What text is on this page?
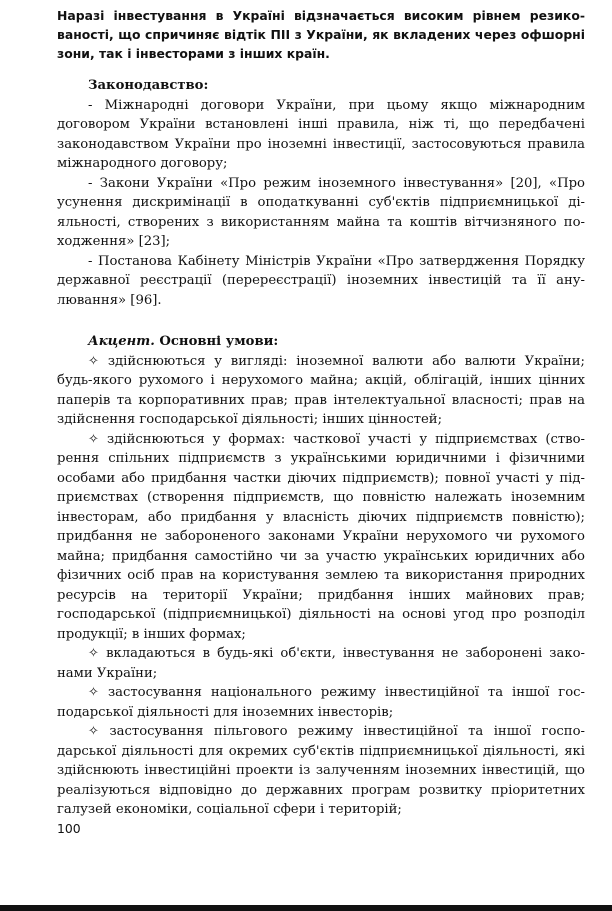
Наразі інвестування в Україні відзначається високим рівнем резикованості, що спричиняє відтік ПІІ з України, як вкладених через офшорні зони, так і інвесторами з інших країн.

Законодавство:

- Міжнародні договори України, при цьому якщо міжнародним договором України встановлені інші правила, ніж ті, що передбачені законодавством України про іноземні інвестиції, застосовуються правила міжнародного договору;

- Закони України «Про режим іноземного інвестування» [20], «Про усунення дискримінації в оподаткуванні суб'єктів підприємницької діяльності, створених з використанням майна та коштів вітчизняного походження» [23];

- Постанова Кабінету Міністрів України «Про затвердження Порядку державної реєстрації (перереєстрації) іноземних інвестицій та її анулювання» [96].

Акцент. Основні умови:

✧ здійснюються у вигляді: іноземної валюти або валюти України; будь-якого рухомого і нерухомого майна; акцій, облігацій, інших цінних паперів та корпоративних прав; прав інтелектуальної власності; прав на здійснення господарської діяльності; інших цінностей;

✧ здійснюються у формах: часткової участі у підприємствах (створення спільних підприємств з українськими юридичними і фізичними особами або придбання частки діючих підприємств); повної участі у підприємствах (створення підприємств, що повністю належать іноземним інвесторам, або придбання у власність діючих підприємств повністю); придбання не забороненого законами України нерухомого чи рухомого майна; придбання самостійно чи за участю українських юридичних або фізичних осіб прав на користування землею та використання природних ресурсів на території України; придбання інших майнових прав; господарської (підприємницької) діяльності на основі угод про розподіл продукції; в інших формах;

✧ вкладаються в будь-які об'єкти, інвестування не заборонені законами України;

✧ застосування національного режиму інвестиційної та іншої господарської діяльності для іноземних інвесторів;

✧ застосування пільгового режиму інвестиційної та іншої господарської діяльності для окремих суб'єктів підприємницької діяльності, які здійснюють інвестиційні проекти із залученням іноземних інвестицій, що реалізуються відповідно до державних програм розвитку пріоритетних галузей економіки, соціальної сфери і територій;

100
